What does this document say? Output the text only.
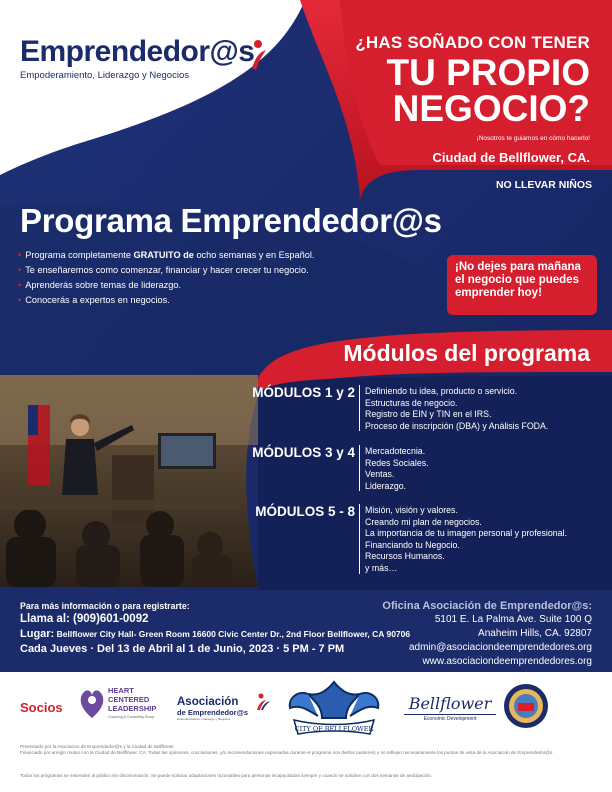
Emprendedor@s
Empoderamiento, Liderazgo y Negocios
¿HAS SOÑADO CON TENER
TU PROPIO
NEGOCIO?
¡Nosotros te guiamos en cómo hacerlo!
Ciudad de Bellflower, CA.
NO LLEVAR NIÑOS
Programa Emprendedor@s
• Programa completamente GRATUITO de ocho semanas y en Español.
• Te enseñaremos como comenzar, financiar y hacer crecer tu negocio.
• Aprenderás sobre temas de liderazgo.
• Conocerás a expertos en negocios.
¡No dejes para mañana el negocio que puedes emprender hoy!
Módulos del programa
MÓDULOS 1 y 2 Definiendo tu idea, producto o servicio.
Estructuras de negocio.
Registro de EIN y TIN en el IRS.
Proceso de inscripción (DBA) y Análisis FODA.
MÓDULOS 3 y 4 Mercadotecnia.
Redes Sociales.
Ventas.
Liderazgo.
MÓDULOS 5 - 8 Misión, visión y valores.
Creando mi plan de negocios.
La importancia de tu imagen personal y profesional.
Financiando tu Negocio.
Recursos Humanos.
y más…
Para más información o para registrarte:
Llama al: (909)601-0092
Lugar: Bellflower City Hall- Green Room 16600 Civic Center Dr., 2nd Floor Bellflower, CA 90706
Cada Jueves · Del 13 de Abril al 1 de Junio, 2023 · 5 PM - 7 PM
Oficina Asociación de Emprendedor@s:
5101 E. La Palma Ave. Suite 100 Q
Anaheim Hills, CA. 92807
admin@asociaciondeemprendedores.org
www.asociaciondeemprendedores.org
Socios
HEART
CENTERED
LEADERSHIP
Coaching & Consulting Group
Asociación
de Emprendedor@s
Empoderamiento, Liderazgo y Negocios
CITY OF BELLFLOWER
Bellflower
Economic Development
Presentado por la Asociacion de Emprendedor@s y la Ciudad de Bellflower.
Financiado por arreglo mutuo con la Ciudad de Bellflower, CA. Todas las opiniones, conclusiones, y/o recomendaciones expresadas durante el programa son del/los (autor/es) y no reflejan necesariamente los puntos de vista de la Asociación de Emprendedor@s.
Todos los programas se entienden al público sin discriminación. Se puede solicitar adaptaciones razonables para personas incapacitadas siempre y cuando se soliciten con dos semanas de anticipación.
